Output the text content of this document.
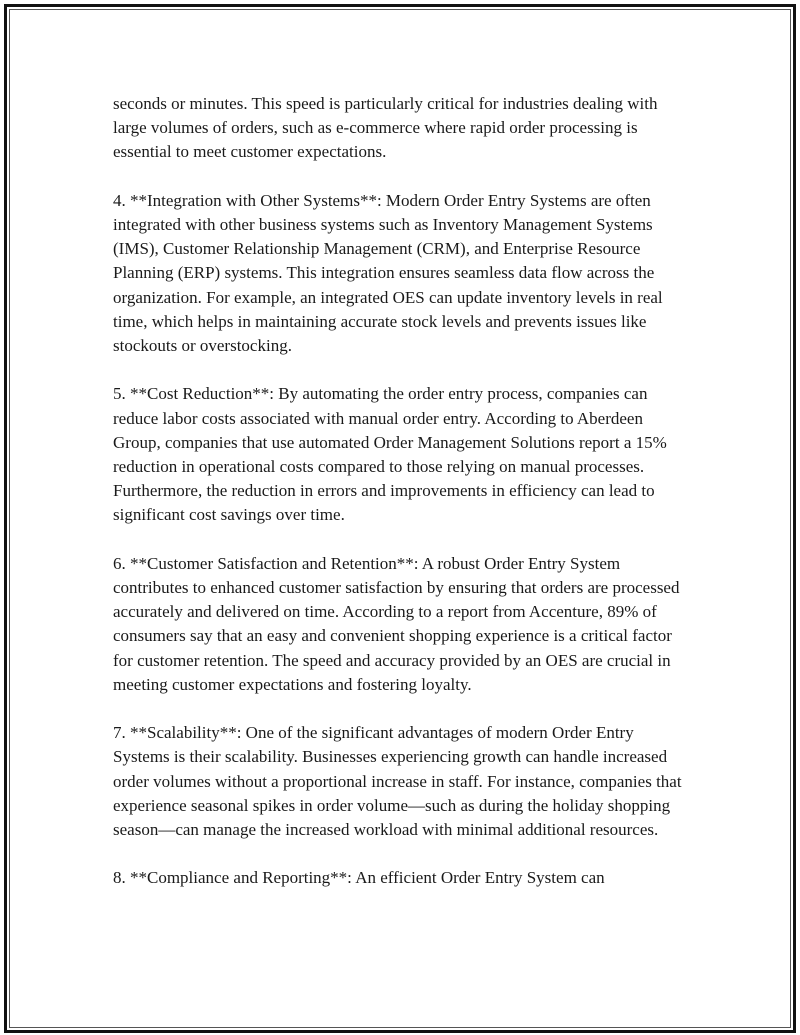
seconds or minutes. This speed is particularly critical for industries dealing with large volumes of orders, such as e-commerce where rapid order processing is essential to meet customer expectations.

4. **Integration with Other Systems**: Modern Order Entry Systems are often integrated with other business systems such as Inventory Management Systems (IMS), Customer Relationship Management (CRM), and Enterprise Resource Planning (ERP) systems. This integration ensures seamless data flow across the organization. For example, an integrated OES can update inventory levels in real time, which helps in maintaining accurate stock levels and prevents issues like stockouts or overstocking.

5. **Cost Reduction**: By automating the order entry process, companies can reduce labor costs associated with manual order entry. According to Aberdeen Group, companies that use automated Order Management Solutions report a 15% reduction in operational costs compared to those relying on manual processes. Furthermore, the reduction in errors and improvements in efficiency can lead to significant cost savings over time.

6. **Customer Satisfaction and Retention**: A robust Order Entry System contributes to enhanced customer satisfaction by ensuring that orders are processed accurately and delivered on time. According to a report from Accenture, 89% of consumers say that an easy and convenient shopping experience is a critical factor for customer retention. The speed and accuracy provided by an OES are crucial in meeting customer expectations and fostering loyalty.

7. **Scalability**: One of the significant advantages of modern Order Entry Systems is their scalability. Businesses experiencing growth can handle increased order volumes without a proportional increase in staff. For instance, companies that experience seasonal spikes in order volume—such as during the holiday shopping season—can manage the increased workload with minimal additional resources.

8. **Compliance and Reporting**: An efficient Order Entry System can
